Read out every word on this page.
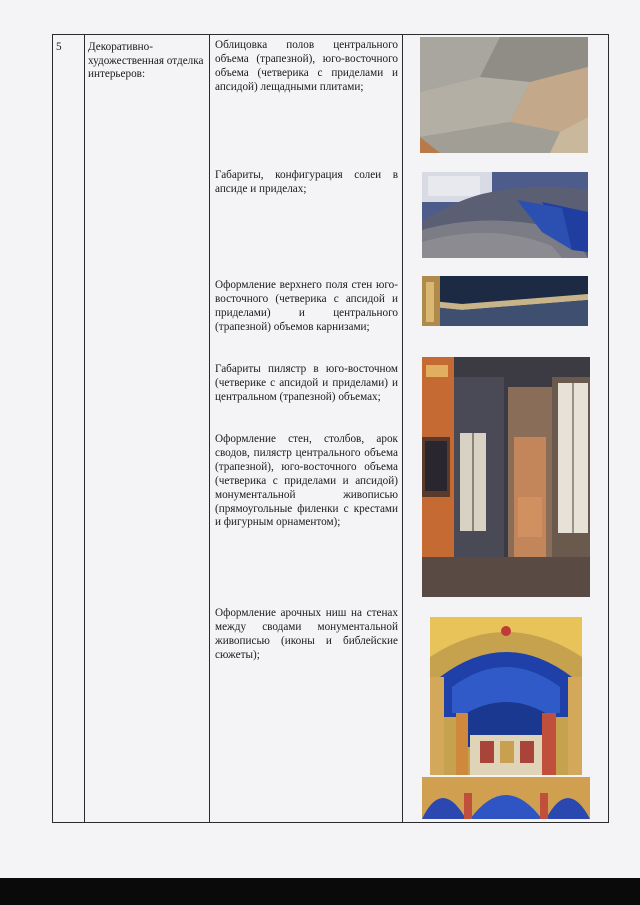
5 Декоративно-художественная отделка интерьеров:
Облицовка полов центрального объема (трапезной), юго-восточного объема (четверика с приделами и апсидой) лещадными плитами;
Габариты, конфигурация солеи в апсиде и приделах;
Оформление верхнего поля стен юго-восточного (четверика с апсидой и приделами) и центрального (трапезной) объемов карнизами;
Габариты пилястр в юго-восточном (четверике с апсидой и приделами) и центральном (трапезной) объемах;
Оформление стен, столбов, арок сводов, пилястр центрального объема (трапезной), юго-восточного объема (четверика с приделами и апсидой) монументальной живописью (прямоугольные филенки с крестами и фигурным орнаментом);
Оформление арочных ниш на стенах между сводами монументальной живописью (иконы и библейские сюжеты);
